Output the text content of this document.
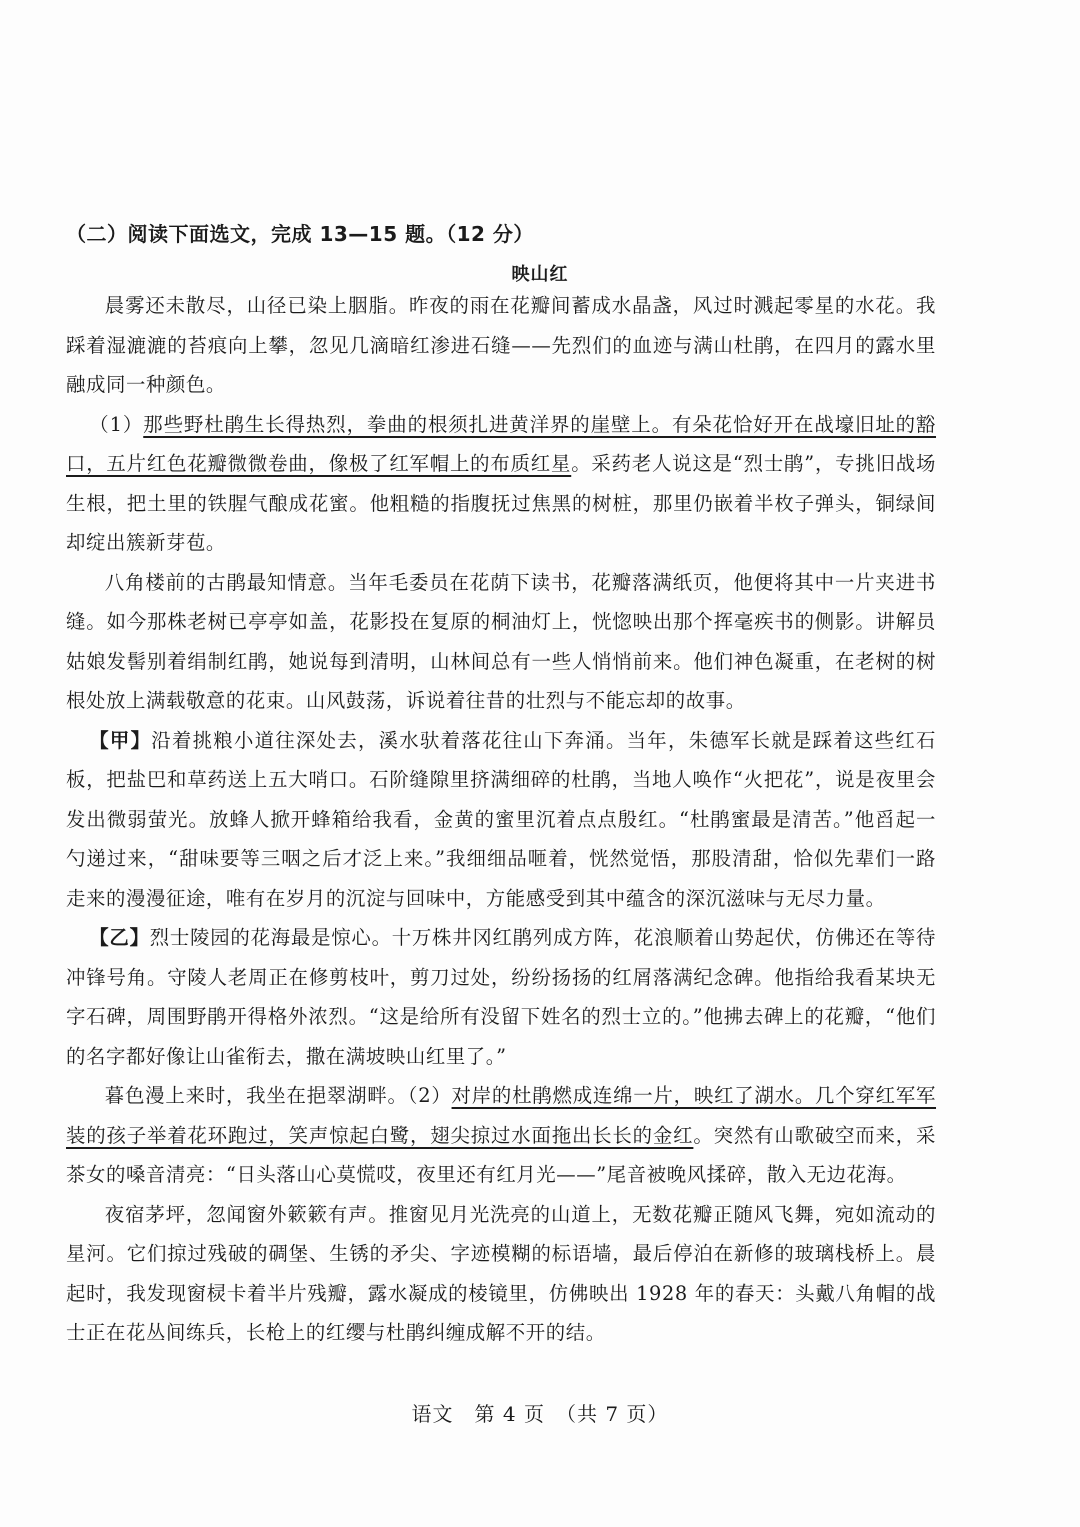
（二）阅读下面选文，完成 13—15 题。（12 分）
映山红

晨雾还未散尽，山径已染上胭脂。昨夜的雨在花瓣间蓄成水晶盏，风过时溅起零星的水花。我踩着湿漉漉的苔痕向上攀，忽见几滴暗红渗进石缝——先烈们的血迹与满山杜鹃，在四月的露水里融成同一种颜色。

（1）那些野杜鹃生长得热烈，拳曲的根须扎进黄洋界的崖壁上。有朵花恰好开在战壕旧址的豁口，五片红色花瓣微微卷曲，像极了红军帽上的布质红星。采药老人说这是“烈士鹃”，专挑旧战场生根，把土里的铁腥气酿成花蜜。他粗糙的指腹抚过焦黑的树桩，那里仍嵌着半枚子弹头，铜绿间却绽出簇新芽苞。

八角楼前的古鹃最知情意。当年毛委员在花荫下读书，花瓣落满纸页，他便将其中一片夹进书缝。如今那株老树已亭亭如盖，花影投在复原的桐油灯上，恍惚映出那个挥毫疾书的侧影。讲解员姑娘发髻别着绢制红鹃，她说每到清明，山林间总有一些人悄悄前来。他们神色凝重，在老树的树根处放上满载敬意的花束。山风鼓荡，诉说着往昔的壮烈与不能忘却的故事。

【甲】沿着挑粮小道往深处去，溪水驮着落花往山下奔涌。当年，朱德军长就是踩着这些红石板，把盐巴和草药送上五大哨口。石阶缝隙里挤满细碎的杜鹃，当地人唤作“火把花”，说是夜里会发出微弱萤光。放蜂人掀开蜂箱给我看，金黄的蜜里沉着点点殷红。“杜鹃蜜最是清苦。”他舀起一勺递过来，“甜味要等三咽之后才泛上来。”我细细品咂着，恍然觉悟，那股清甜，恰似先辈们一路走来的漫漫征途，唯有在岁月的沉淀与回味中，方能感受到其中蕴含的深沉滋味与无尽力量。

【乙】烈士陵园的花海最是惊心。十万株井冈红鹃列成方阵，花浪顺着山势起伏，仿佛还在等待冲锋号角。守陵人老周正在修剪枝叶，剪刀过处，纷纷扬扬的红屑落满纪念碑。他指给我看某块无字石碑，周围野鹃开得格外浓烈。“这是给所有没留下姓名的烈士立的。”他拂去碑上的花瓣，“他们的名字都好像让山雀衔去，撒在满坡映山红里了。”

暮色漫上来时，我坐在挹翠湖畔。（2）对岸的杜鹃燃成连绵一片，映红了湖水。几个穿红军军装的孩子举着花环跑过，笑声惊起白鹭，翅尖掠过水面拖出长长的金红。突然有山歌破空而来，采茶女的嗓音清亮：“日头落山心莫慌哎，夜里还有红月光——”尾音被晚风揉碎，散入无边花海。

夜宿茅坪，忽闻窗外簌簌有声。推窗见月光洗亮的山道上，无数花瓣正随风飞舞，宛如流动的星河。它们掠过残破的碉堡、生锈的矛尖、字迹模糊的标语墙，最后停泊在新修的玻璃栈桥上。晨起时，我发现窗棂卡着半片残瓣，露水凝成的棱镜里，仿佛映出 1928 年的春天：头戴八角帽的战士正在花丛间练兵，长枪上的红缨与杜鹃纠缠成解不开的结。

语文　第 4 页　（共 7 页）
